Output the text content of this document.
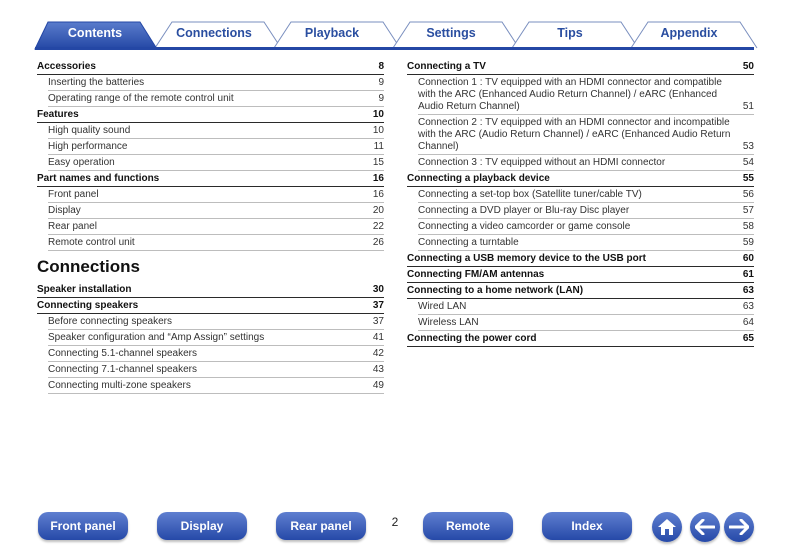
Contents	Connections	Playback	Settings	Tips	Appendix
Accessories	8
Inserting the batteries	9
Operating range of the remote control unit	9
Features	10
High quality sound	10
High performance	11
Easy operation	15
Part names and functions	16
Front panel	16
Display	20
Rear panel	22
Remote control unit	26
Connections
Speaker installation	30
Connecting speakers	37
Before connecting speakers	37
Speaker configuration and “Amp Assign” settings	41
Connecting 5.1-channel speakers	42
Connecting 7.1-channel speakers	43
Connecting multi-zone speakers	49
Connecting a TV	50
Connection 1 : TV equipped with an HDMI connector and compatible with the ARC (Enhanced Audio Return Channel) / eARC (Enhanced Audio Return Channel)	51
Connection 2 : TV equipped with an HDMI connector and incompatible with the ARC (Audio Return Channel) / eARC (Enhanced Audio Return Channel)	53
Connection 3 : TV equipped without an HDMI connector	54
Connecting a playback device	55
Connecting a set-top box (Satellite tuner/cable TV)	56
Connecting a DVD player or Blu-ray Disc player	57
Connecting a video camcorder or game console	58
Connecting a turntable	59
Connecting a USB memory device to the USB port	60
Connecting FM/AM antennas	61
Connecting to a home network (LAN)	63
Wired LAN	63
Wireless LAN	64
Connecting the power cord	65
Front panel	Display	Rear panel	2	Remote	Index
